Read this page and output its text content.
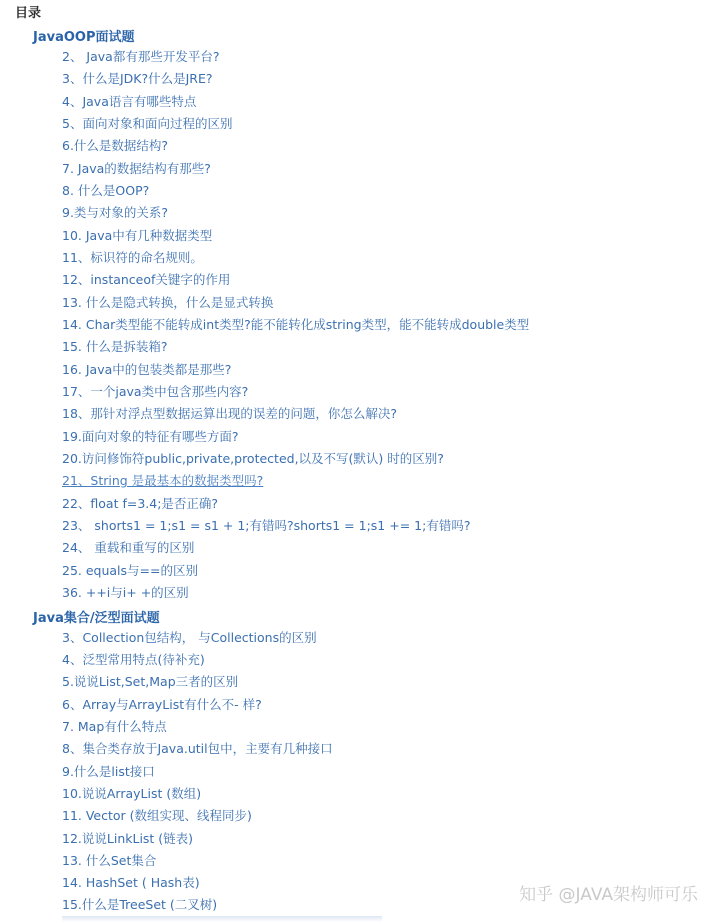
目录
JavaOOP面试题
2、 Java都有那些开发平台?
3、什么是JDK?什么是JRE?
4、Java语言有哪些特点
5、面向对象和面向过程的区别
6.什么是数据结构?
7. Java的数据结构有那些?
8. 什么是OOP?
9.类与对象的关系?
10. Java中有几种数据类型
11、标识符的命名规则。
12、instanceof关键字的作用
13. 什么是隐式转换，什么是显式转换
14. Char类型能不能转成int类型?能不能转化成string类型，能不能转成double类型
15. 什么是拆装箱?
16. Java中的包装类都是那些?
17、一个java类中包含那些内容?
18、那针对浮点型数据运算出现的误差的问题，你怎么解决?
19.面向对象的特征有哪些方面?
20.访问修饰符public,private,protected,以及不写(默认) 时的区别?
21、String 是最基本的数据类型吗?
22、float f=3.4;是否正确?
23、 shorts1 = 1;s1 = s1 + 1;有错吗?shorts1 = 1;s1 += 1;有错吗?
24、 重载和重写的区别
25. equals与==的区别
36. ++i与i+ +的区别
Java集合/泛型面试题
3、Collection包结构， 与Collections的区别
4、泛型常用特点(待补充)
5.说说List,Set,Map三者的区别
6、Array与ArrayList有什么不- 样?
7. Map有什么特点
8、集合类存放于Java.util包中，主要有几种接口
9.什么是list接口
10.说说ArrayList (数组)
11. Vector (数组实现、线程同步)
12.说说LinkList (链表)
13. 什么Set集合
14. HashSet ( Hash表)
15.什么是TreeSet (二叉树)	知乎 @JAVA架构师可乐
